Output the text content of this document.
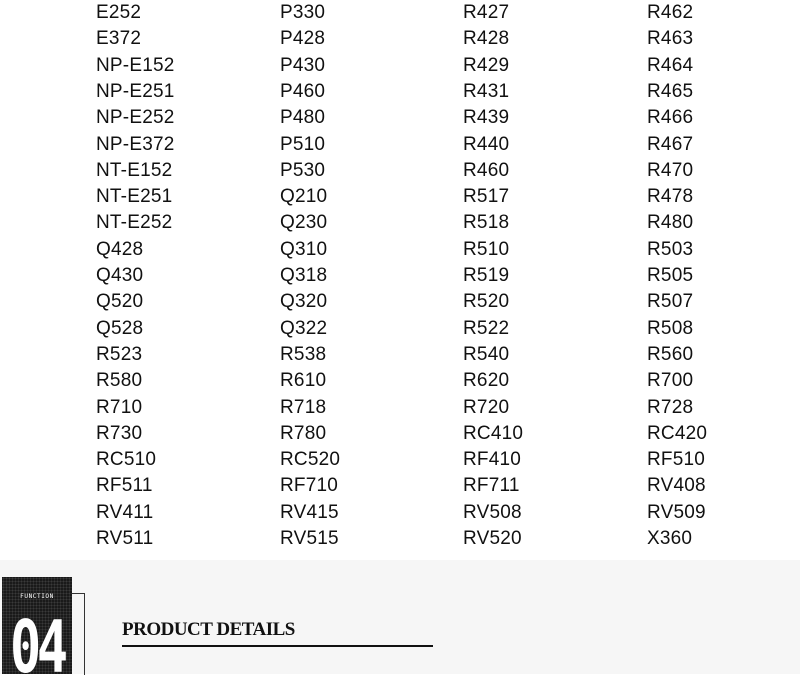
E252
E372
NP-E152
NP-E251
NP-E252
NP-E372
NT-E152
NT-E251
NT-E252
Q428
Q430
Q520
Q528
R523
R580
R710
R730
RC510
RF511
RV411
RV511
P330
P428
P430
P460
P480
P510
P530
Q210
Q230
Q310
Q318
Q320
Q322
R538
R610
R718
R780
RC520
RF710
RV415
RV515
R427
R428
R429
R431
R439
R440
R460
R517
R518
R510
R519
R520
R522
R540
R620
R720
RC410
RF410
RF711
RV508
RV520
R462
R463
R464
R465
R466
R467
R470
R478
R480
R503
R505
R507
R508
R560
R700
R728
RC420
RF510
RV408
RV509
X360
FUNCTION
04	PRODUCT DETAILS
